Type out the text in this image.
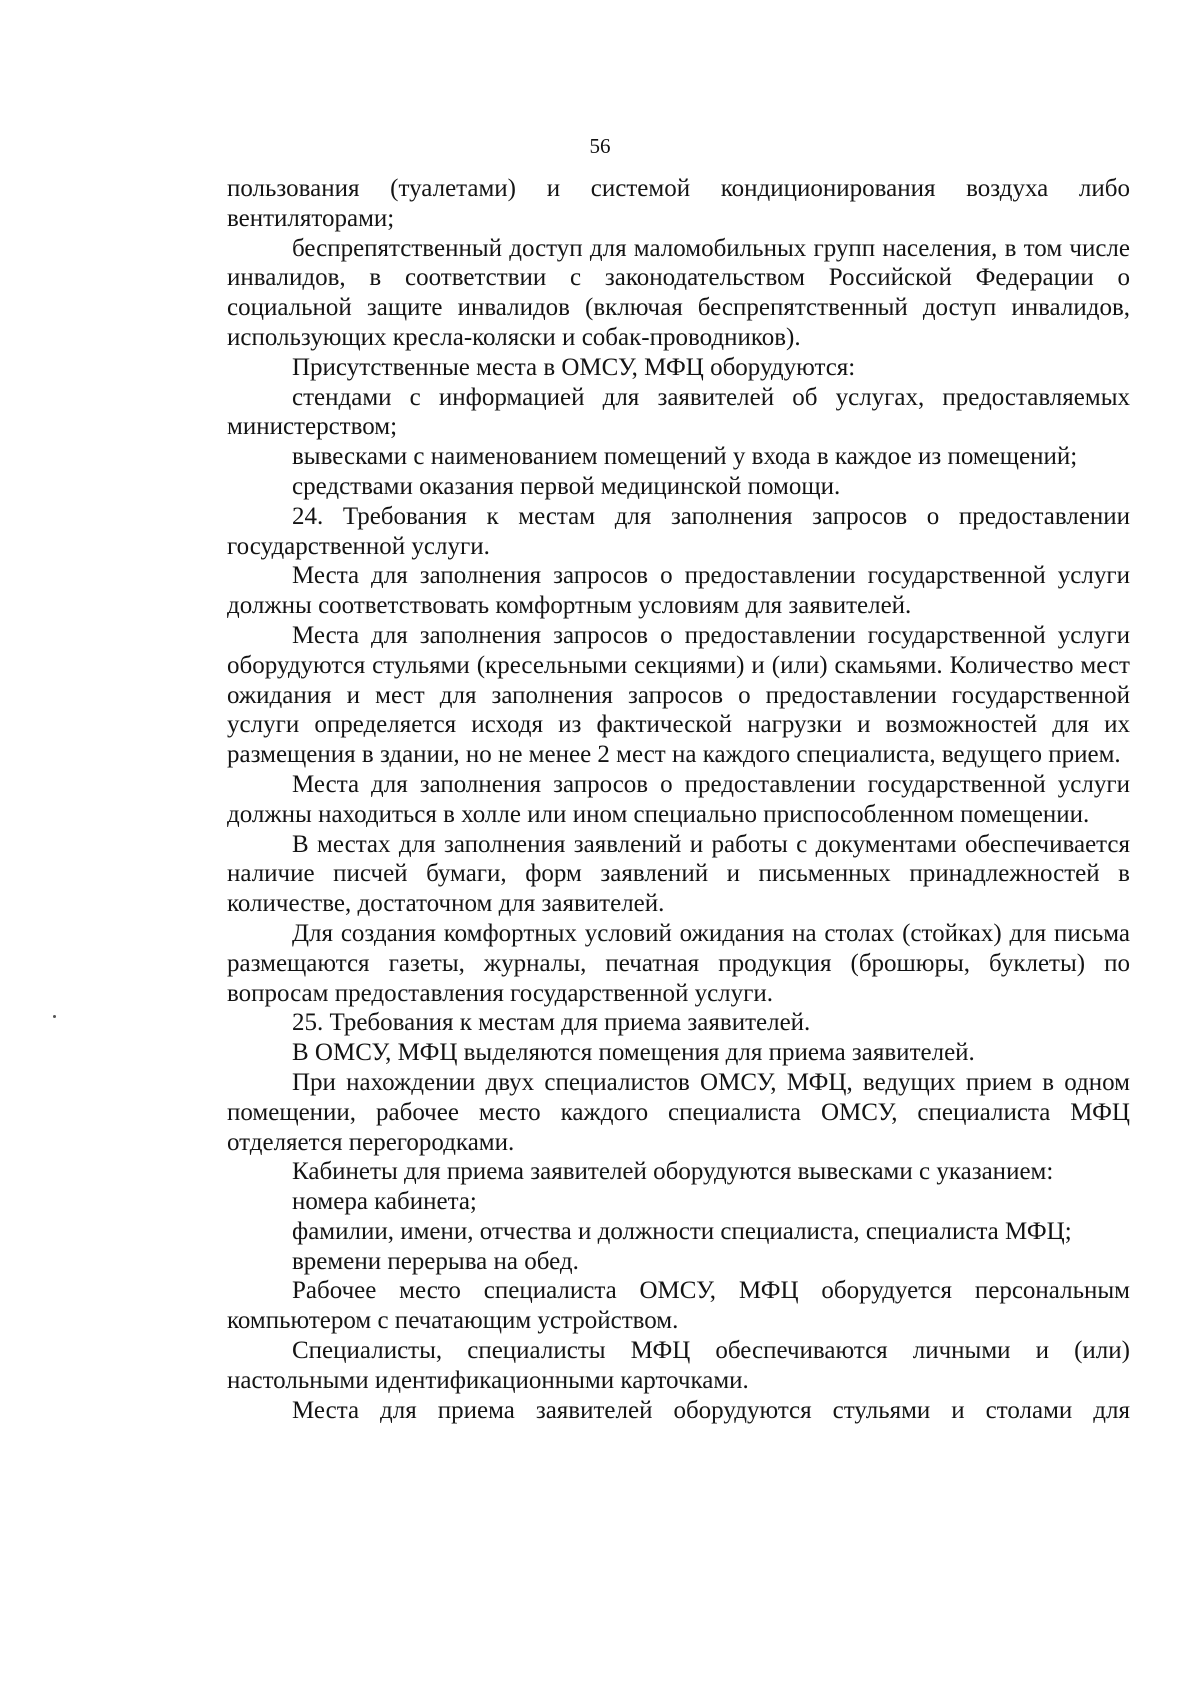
56

пользования (туалетами) и системой кондиционирования воздуха либо вентиляторами;

беспрепятственный доступ для маломобильных групп населения, в том числе инвалидов, в соответствии с законодательством Российской Федерации о социальной защите инвалидов (включая беспрепятственный доступ инвалидов, использующих кресла-коляски и собак-проводников).

Присутственные места в ОМСУ, МФЦ оборудуются:

стендами с информацией для заявителей об услугах, предоставляемых министерством;

вывесками с наименованием помещений у входа в каждое из помещений;

средствами оказания первой медицинской помощи.

24. Требования к местам для заполнения запросов о предоставлении государственной услуги.

Места для заполнения запросов о предоставлении государственной услуги должны соответствовать комфортным условиям для заявителей.

Места для заполнения запросов о предоставлении государственной услуги оборудуются стульями (кресельными секциями) и (или) скамьями. Количество мест ожидания и мест для заполнения запросов о предоставлении государственной услуги определяется исходя из фактической нагрузки и возможностей для их размещения в здании, но не менее 2 мест на каждого специалиста, ведущего прием.

Места для заполнения запросов о предоставлении государственной услуги должны находиться в холле или ином специально приспособленном помещении.

В местах для заполнения заявлений и работы с документами обеспечивается наличие писчей бумаги, форм заявлений и письменных принадлежностей в количестве, достаточном для заявителей.

Для создания комфортных условий ожидания на столах (стойках) для письма размещаются газеты, журналы, печатная продукция (брошюры, буклеты) по вопросам предоставления государственной услуги.

25. Требования к местам для приема заявителей.

В ОМСУ, МФЦ выделяются помещения для приема заявителей.

При нахождении двух специалистов ОМСУ, МФЦ, ведущих прием в одном помещении, рабочее место каждого специалиста ОМСУ, специалиста МФЦ отделяется перегородками.

Кабинеты для приема заявителей оборудуются вывесками с указанием:

номера кабинета;

фамилии, имени, отчества и должности специалиста, специалиста МФЦ;

времени перерыва на обед.

Рабочее место специалиста ОМСУ, МФЦ оборудуется персональным компьютером с печатающим устройством.

Специалисты, специалисты МФЦ обеспечиваются личными и (или) настольными идентификационными карточками.

Места для приема заявителей оборудуются стульями и столами для
